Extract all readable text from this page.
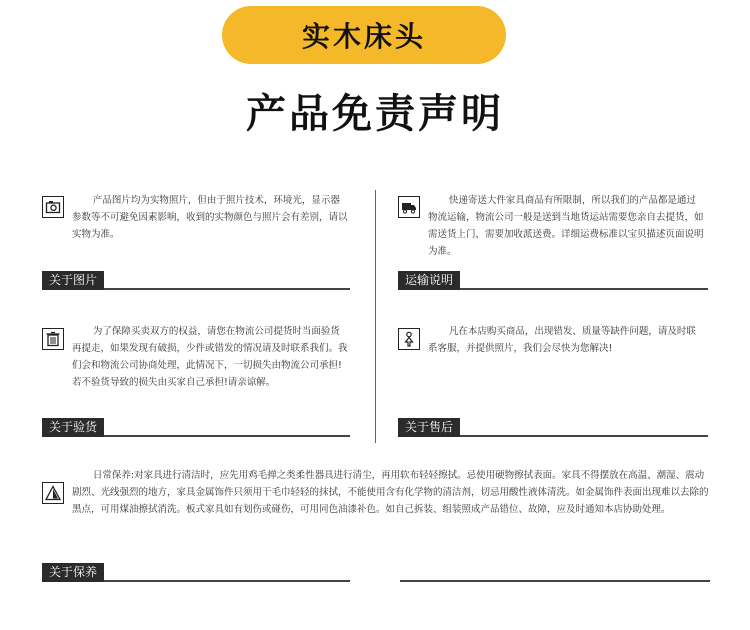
实木床头
产品免责声明

产品图片均为实物照片，但由于照片技术，环境光，显示器参数等不可避免因素影响，收到的实物颜色与照片会有差别，请以实物为准。

关于图片

快递寄送大件家具商品有所限制，所以我们的产品都是通过物流运输，物流公司一般是送到当地货运站需要您亲自去提货，如需送货上门，需要加收派送费。详细运费标准以宝贝描述页面说明为准。

运输说明

为了保障买卖双方的权益，请您在物流公司提货时当面验货再提走，如果发现有破损，少件或错发的情况请及时联系我们。我们会和物流公司协商处理，此情况下，一切损失由物流公司承担!若不验货导致的损失由买家自己承担!请亲谅解。

关于验货

凡在本店购买商品，出现错发、质量等缺件问题，请及时联系客服，并提供照片，我们会尽快为您解决!

关于售后

日常保养:对家具进行清洁时，应先用鸡毛掸之类柔性器具进行清尘，再用软布轻轻擦拭。忌使用硬物擦拭表面。家具不得摆放在高温、潮湿、震动剧烈、光线强烈的地方，家具金属饰件只须用干毛巾轻轻的抹拭，不能使用含有化学物的清洁剂，切忌用酸性液体清洗。如金属饰件表面出现难以去除的黑点，可用煤油擦拭消洗。板式家具如有划伤或碰伤，可用同色油漆补色。如自己拆装、组装照成产品错位、故障，应及时通知本店协助处理。

关于保养
